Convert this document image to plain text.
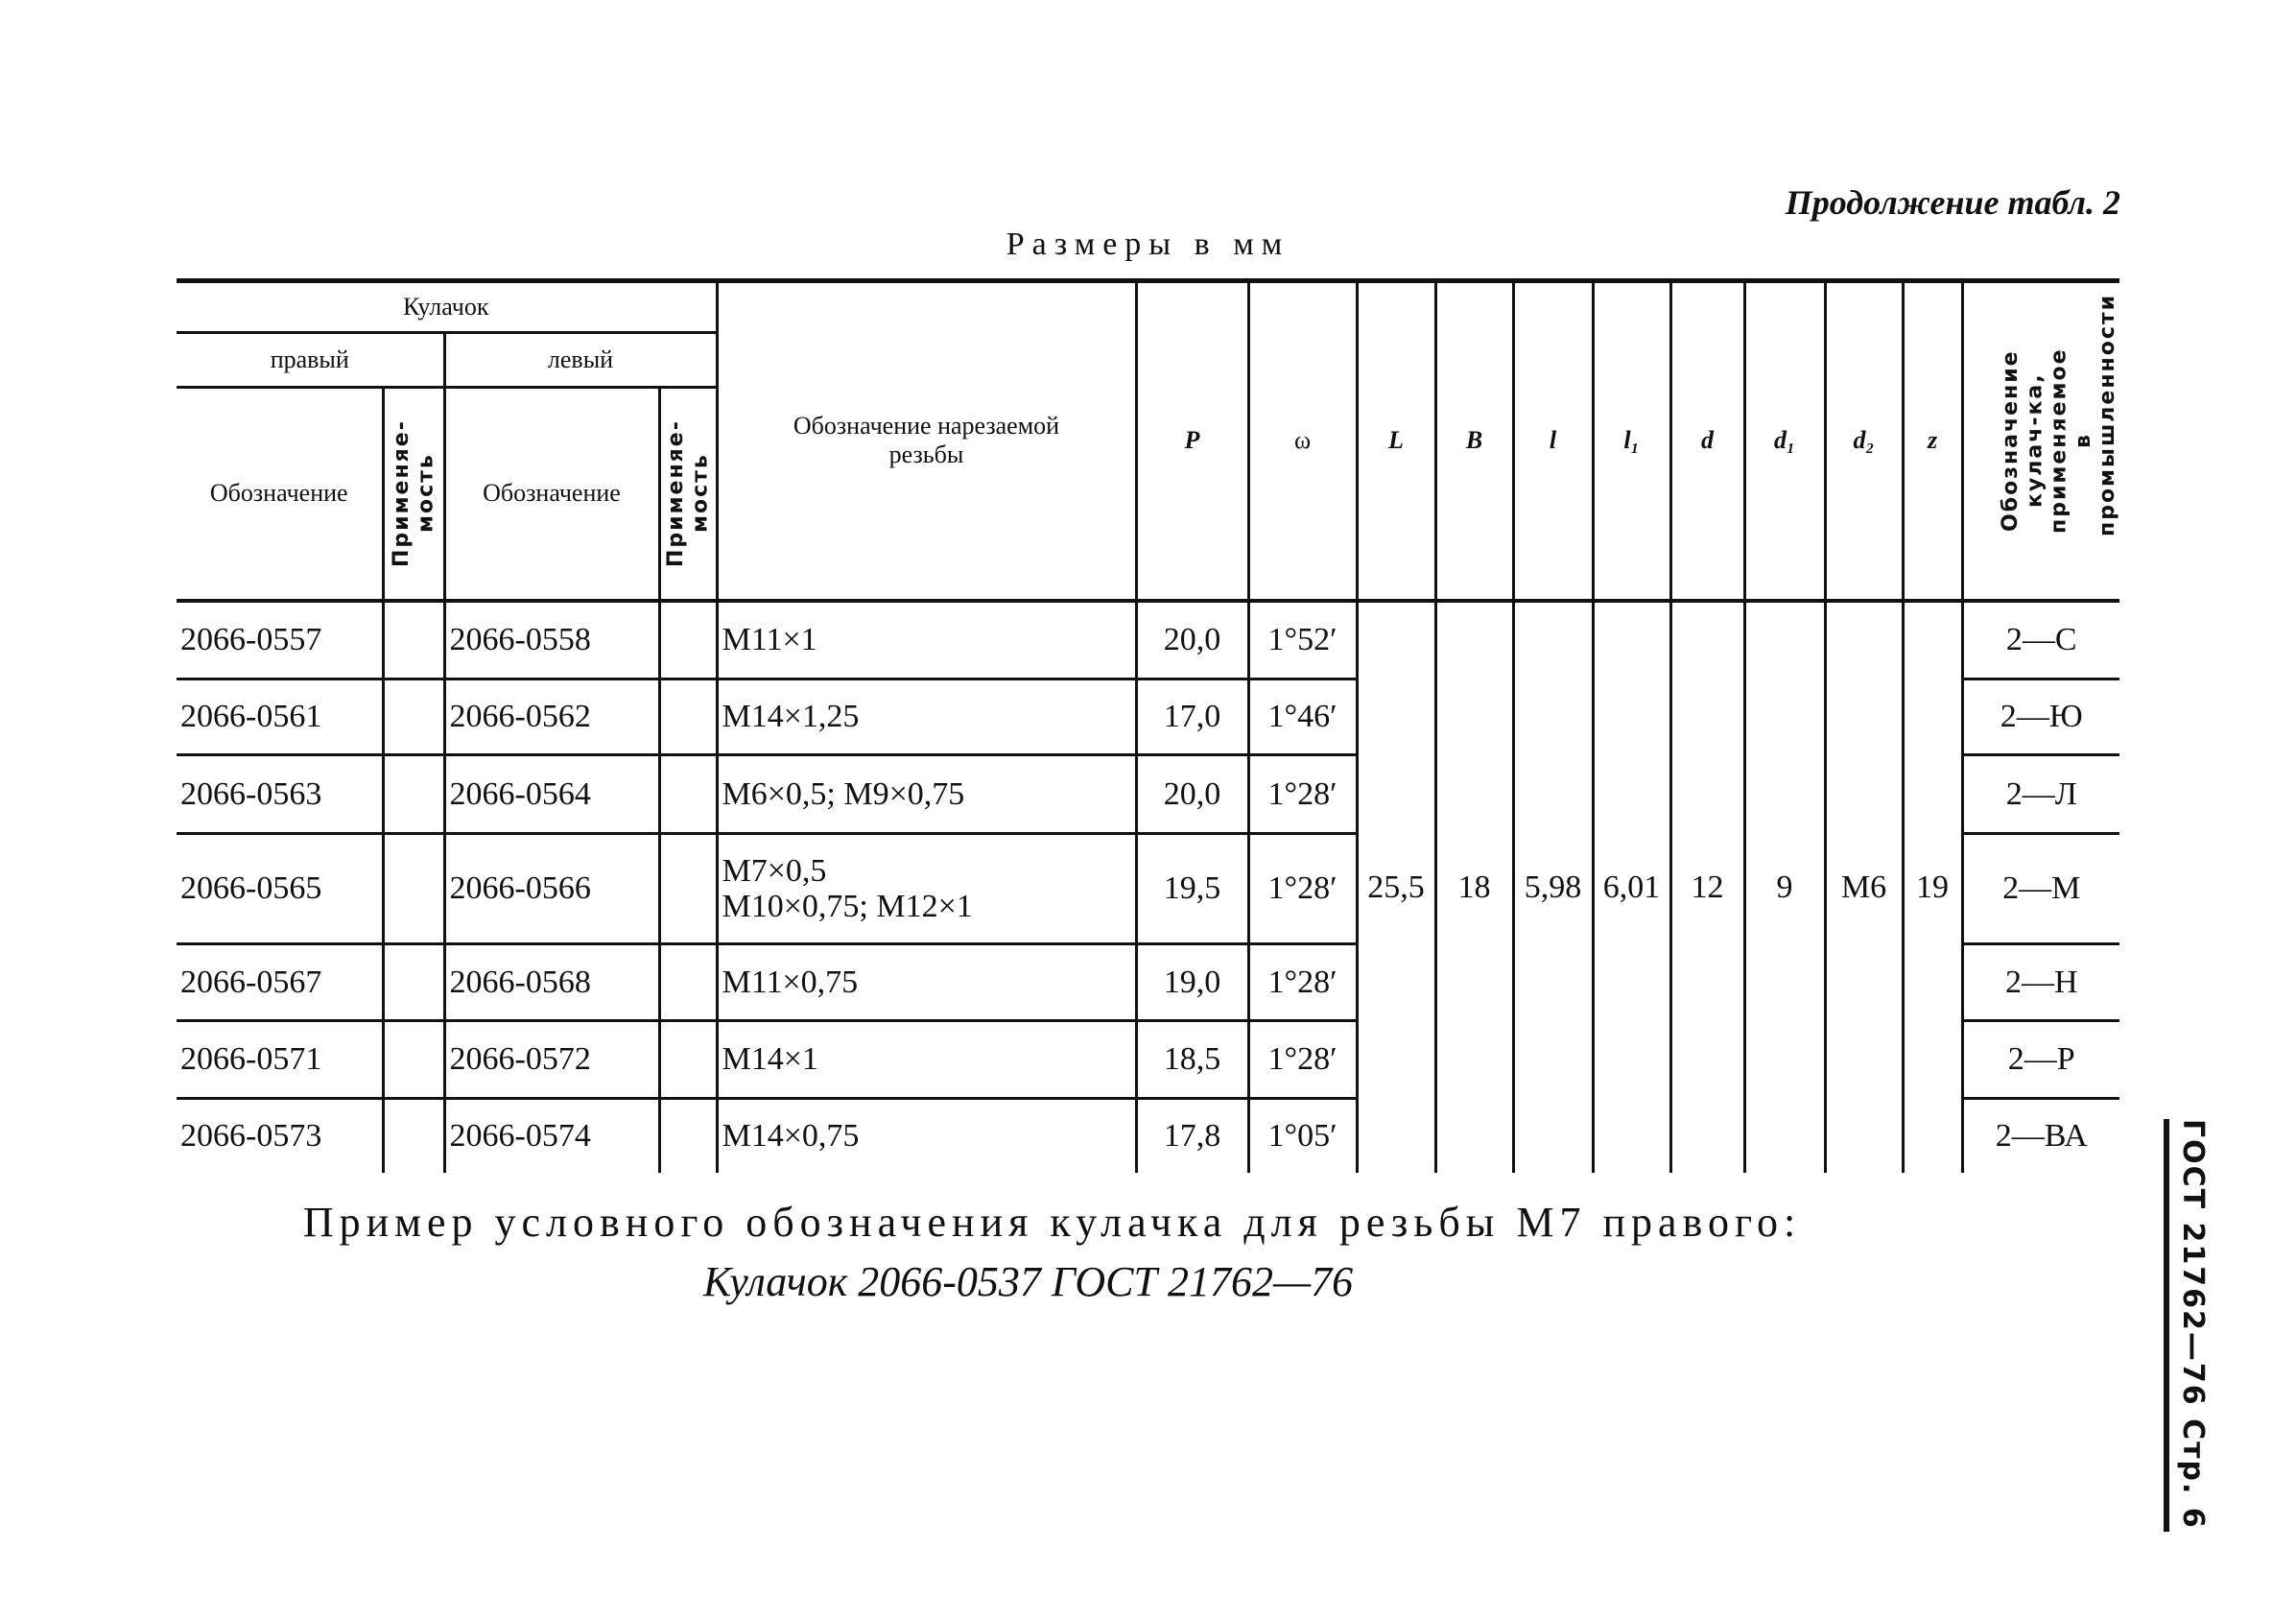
Продолжение табл. 2
Размеры в мм
Кулачок				Обозначение нарезаемой резьбы	P	ω	L	B	l	l₁	d	d₁	d₂	z	Обозначение кулач-ка, применяемое в промышленности

правый		левый													
Обозначение	Применяе-мость	Обозначение	Применяе-мость												

2066-0557		2066-0558		M11×1	20,0	1°52′	25,5	18	5,98	6,01	12	9	M6	19	2—С
2066-0561		2066-0562		M14×1,25	17,0	1°46′									2—Ю
2066-0563		2066-0564		M6×0,5; M9×0,75	20,0	1°28′									2—Л
2066-0565		2066-0566		M7×0,5
M10×0,75; M12×1	19,5	1°28′									2—М
2066-0567		2066-0568		M11×0,75	19,0	1°28′									2—Н
2066-0571		2066-0572		M14×1	18,5	1°28′									2—Р
2066-0573		2066-0574		M14×0,75	17,8	1°05′									2—ВА
Пример условного обозначения кулачка для резьбы М7 правого:
Кулачок 2066-0537 ГОСТ 21762—76	ГОСТ 21762—76 Стр. 6
